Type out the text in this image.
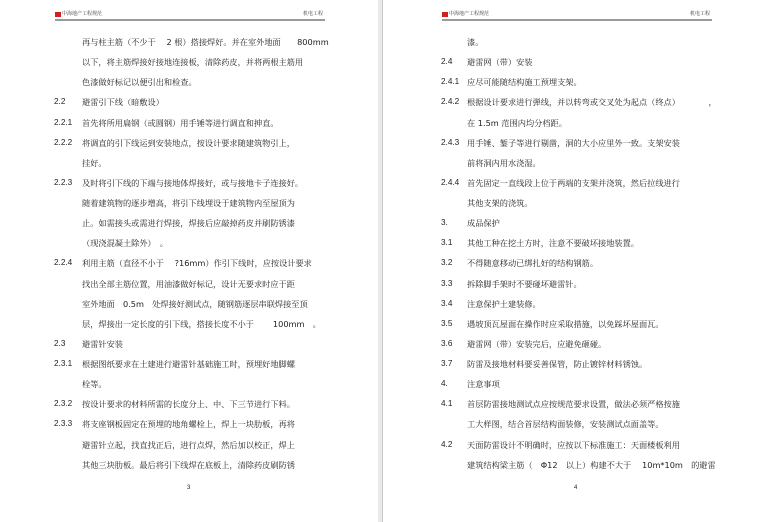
中海地产工程规范	机电工程
再与柱主筋（不少于　 2 根）搭接焊好。并在室外地面　　800mm
以下，将主筋焊接好接地连接板，清除药皮，并将两根主筋用
色漆做好标记以便引出和检查。
2.2 避雷引下线（暗敷设）
2.2.1 首先将所用扁钢（或圆钢）用手锤等进行调直和抻直。
2.2.2 将调直的引下线运到安装地点，按设计要求随建筑物引上，
挂好。
2.2.3 及时将引下线的下端与接地体焊接好，或与接地卡子连接好。
随着建筑物的逐步增高，将引下线埋设于建筑物内至屋顶为
止。如需接头或需进行焊接，焊接后应敲掉药皮并刷防锈漆
（现浇混凝土除外）　。
2.2.4 利用主筋（直径不小于　 ?16mm）作引下线时，应按设计要求
找出全部主筋位置，用油漆做好标记，设计无要求时应于距
室外地面　0.5m　处焊接好测试点，随钢筋逐层串联焊接至顶
层，焊接出一定长度的引下线，搭接长度不小于　　 100mm　。
2.3 避雷针安装
2.3.1 根据图纸要求在土建进行避雷针基础施工时，预埋好地脚螺
栓等。
2.3.2 按设计要求的材料所需的长度分上、中、下三节进行下料。
2.3.3 将支座钢板固定在预埋的地角螺栓上，焊上一块肋板，再将
避雷针立起，找直找正后，进行点焊，然后加以校正，焊上
其他三块肋板。最后将引下线焊在底板上，清除药皮刷防锈
3
中海地产工程规范	机电工程
漆。
2.4 避雷网（带）安装
2.4.1 应尽可能随结构施工预埋支架。
2.4.2 根据设计要求进行弹线，并以转弯或交叉处为起点（终点）　　　　，
在 1.5m 范围内均分档距。
2.4.3 用手锤、錾子等进行剔凿，洞的大小应里外一致。支架安装
前将洞内用水浇湿。
2.4.4 首先固定一直线段上位于两端的支架并浇筑，然后拉线进行
其他支架的浇筑。
3. 成品保护
3.1 其他工种在挖土方时，注意不要破坏接地装置。
3.2 不得随意移动已绑扎好的结构钢筋。
3.3 拆除脚手架时不要碰坏避雷针。
3.4 注意保护土建装修。
3.5 遇坡顶瓦屋面在操作时应采取措施，以免踩坏屋面瓦。
3.6 避雷网（带）安装完后，应避免砸碰。
3.7 防雷及接地材料要妥善保管，防止镀锌材料锈蚀。
4. 注意事项
4.1 首层防雷接地测试点应按规范要求设置，做法必须严格按施
工大样图，结合首层结构面装修，安装测试点面盖等。
4.2 天面防雷设计不明确时，应按以下标准施工：天面楼板利用
建筑结构梁主筋（　Φ12　以上）构建不大于　 10m*10m　的避雷
4
